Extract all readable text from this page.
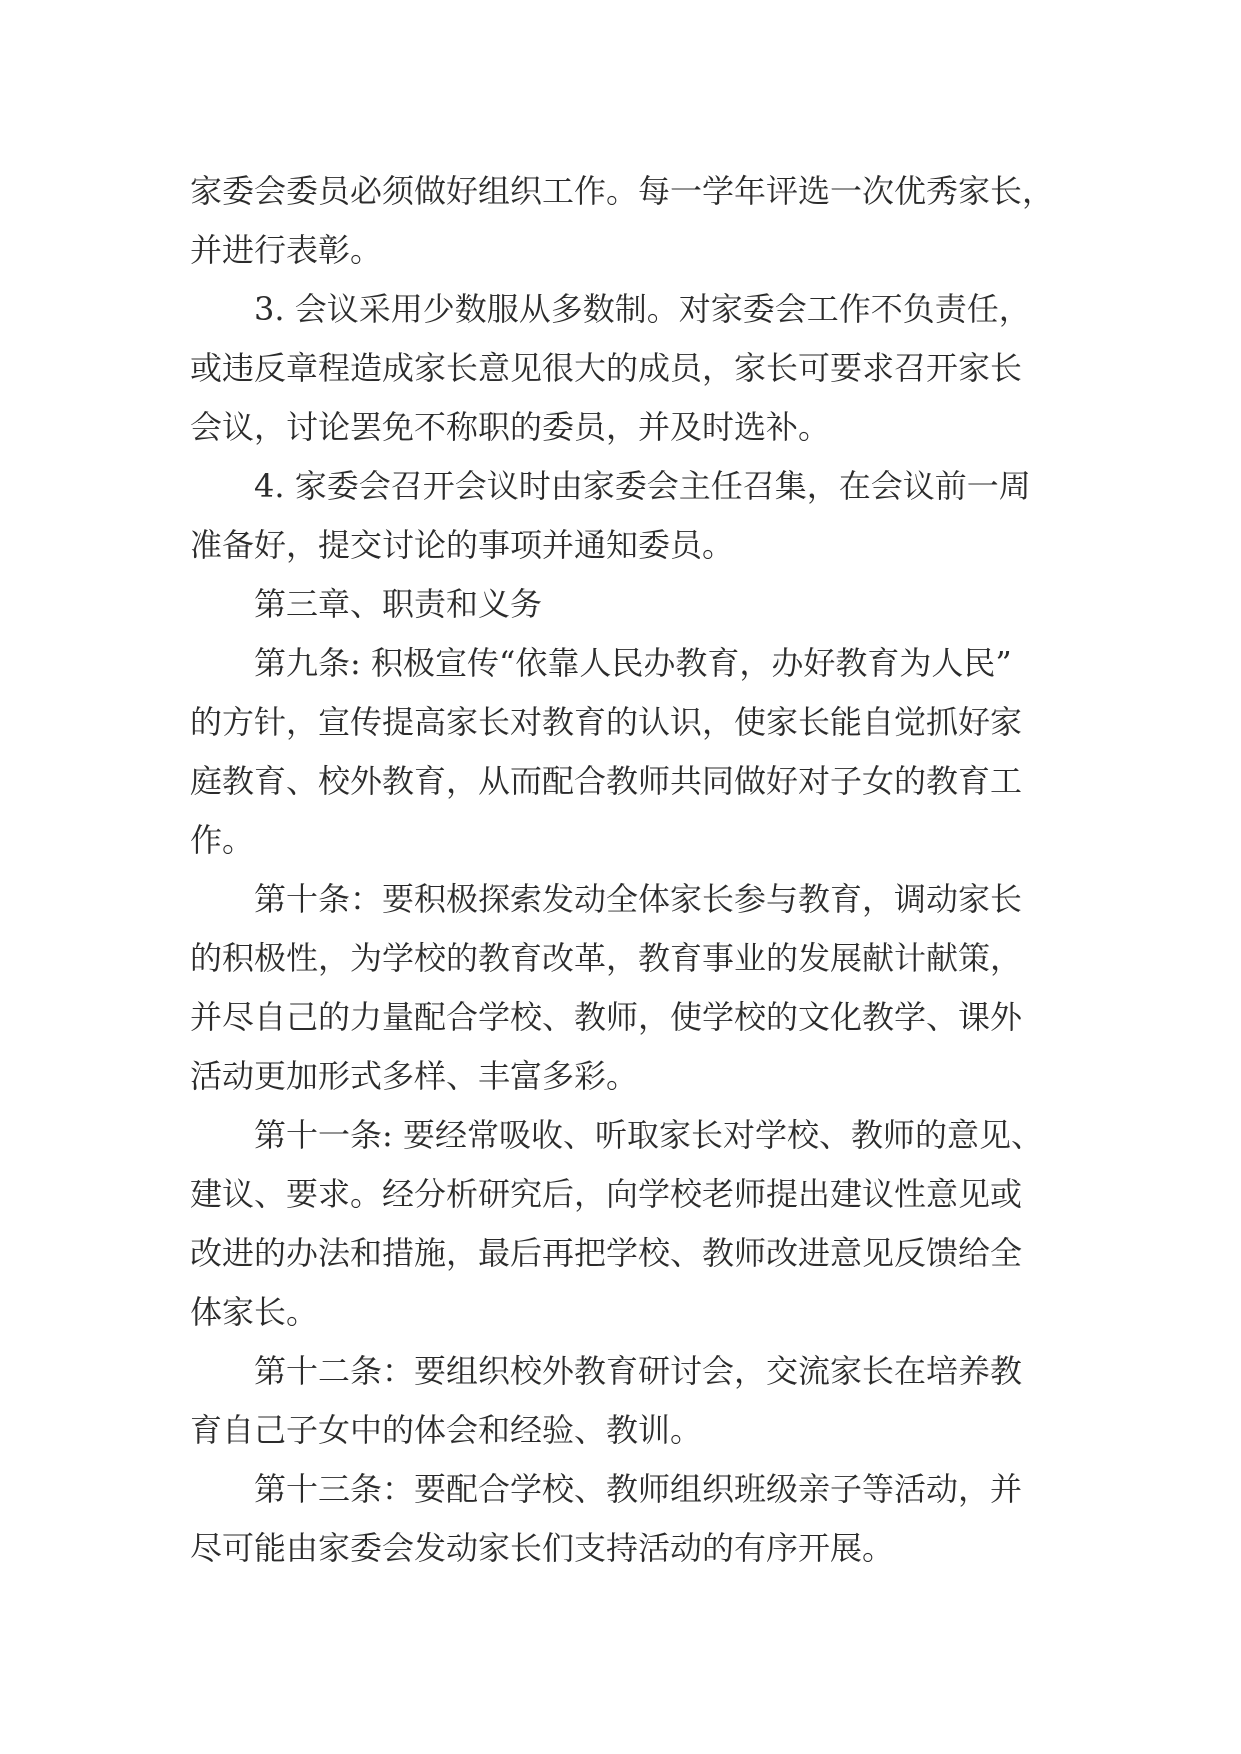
家委会委员必须做好组织工作。每一学年评选一次优秀家长，

并进行表彰。

3. 会议采用少数服从多数制。对家委会工作不负责任，

或违反章程造成家长意见很大的成员，家长可要求召开家长

会议，讨论罢免不称职的委员，并及时选补。

4. 家委会召开会议时由家委会主任召集，在会议前一周

准备好，提交讨论的事项并通知委员。

第三章、职责和义务

第九条: 积极宣传“依靠人民办教育，办好教育为人民”

的方针，宣传提高家长对教育的认识，使家长能自觉抓好家

庭教育、校外教育，从而配合教师共同做好对子女的教育工

作。

第十条：要积极探索发动全体家长参与教育，调动家长

的积极性，为学校的教育改革，教育事业的发展献计献策，

并尽自己的力量配合学校、教师，使学校的文化教学、课外

活动更加形式多样、丰富多彩。

第十一条: 要经常吸收、听取家长对学校、教师的意见、

建议、要求。经分析研究后，向学校老师提出建议性意见或

改进的办法和措施，最后再把学校、教师改进意见反馈给全

体家长。

第十二条：要组织校外教育研讨会，交流家长在培养教

育自己子女中的体会和经验、教训。

第十三条：要配合学校、教师组织班级亲子等活动，并

尽可能由家委会发动家长们支持活动的有序开展。
